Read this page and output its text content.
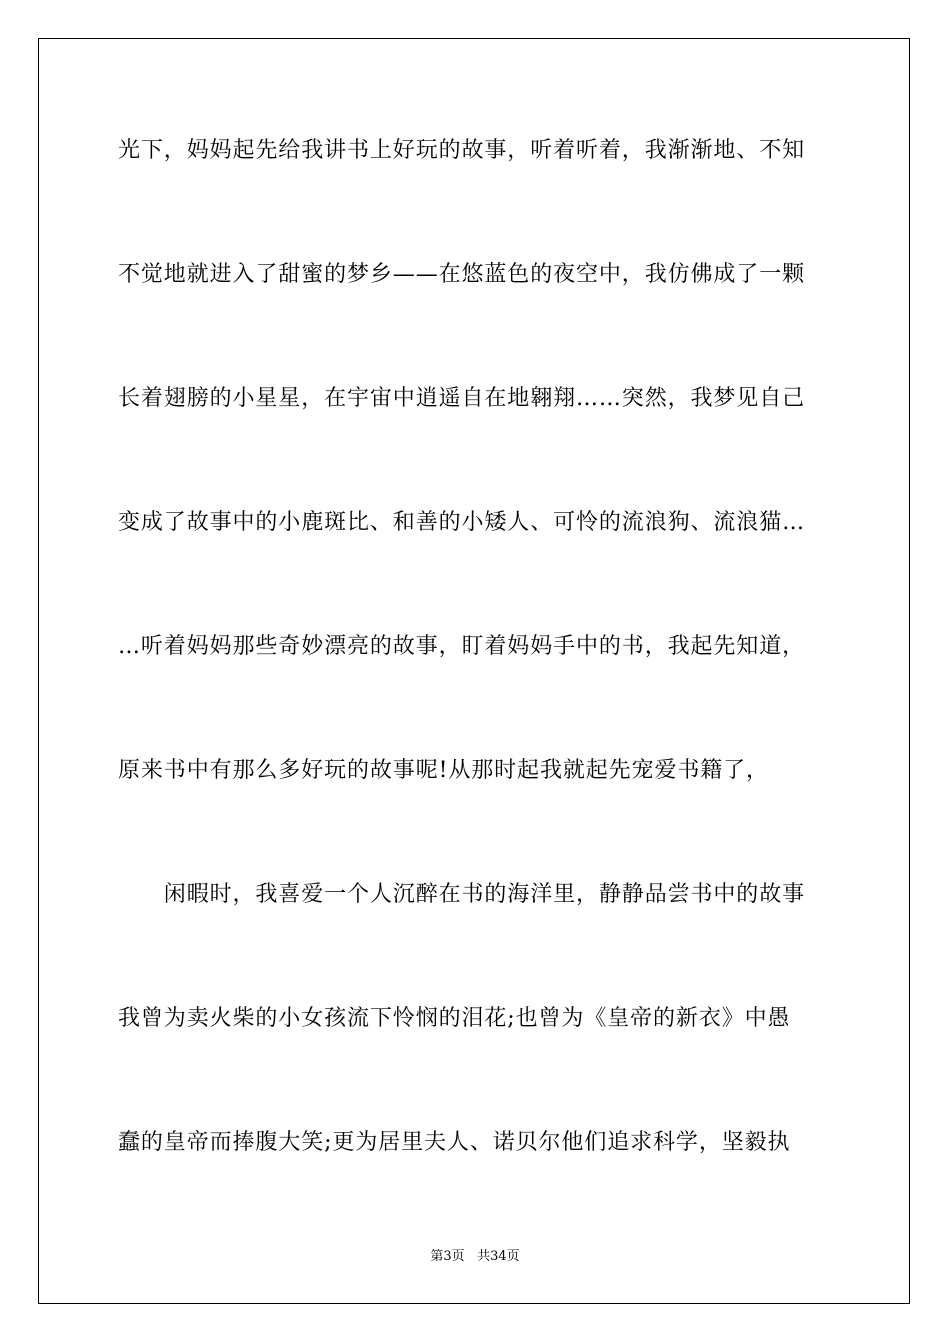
光下，妈妈起先给我讲书上好玩的故事，听着听着，我渐渐地、不知
不觉地就进入了甜蜜的梦乡——在悠蓝色的夜空中，我仿佛成了一颗
长着翅膀的小星星，在宇宙中逍遥自在地翱翔……突然，我梦见自己
变成了故事中的小鹿斑比、和善的小矮人、可怜的流浪狗、流浪猫…
…听着妈妈那些奇妙漂亮的故事，盯着妈妈手中的书，我起先知道，
原来书中有那么多好玩的故事呢!从那时起我就起先宠爱书籍了，
　　闲暇时，我喜爱一个人沉醉在书的海洋里，静静品尝书中的故事
我曾为卖火柴的小女孩流下怜悯的泪花;也曾为《皇帝的新衣》中愚
蠢的皇帝而捧腹大笑;更为居里夫人、诺贝尔他们追求科学，坚毅执
第3页 共34页
